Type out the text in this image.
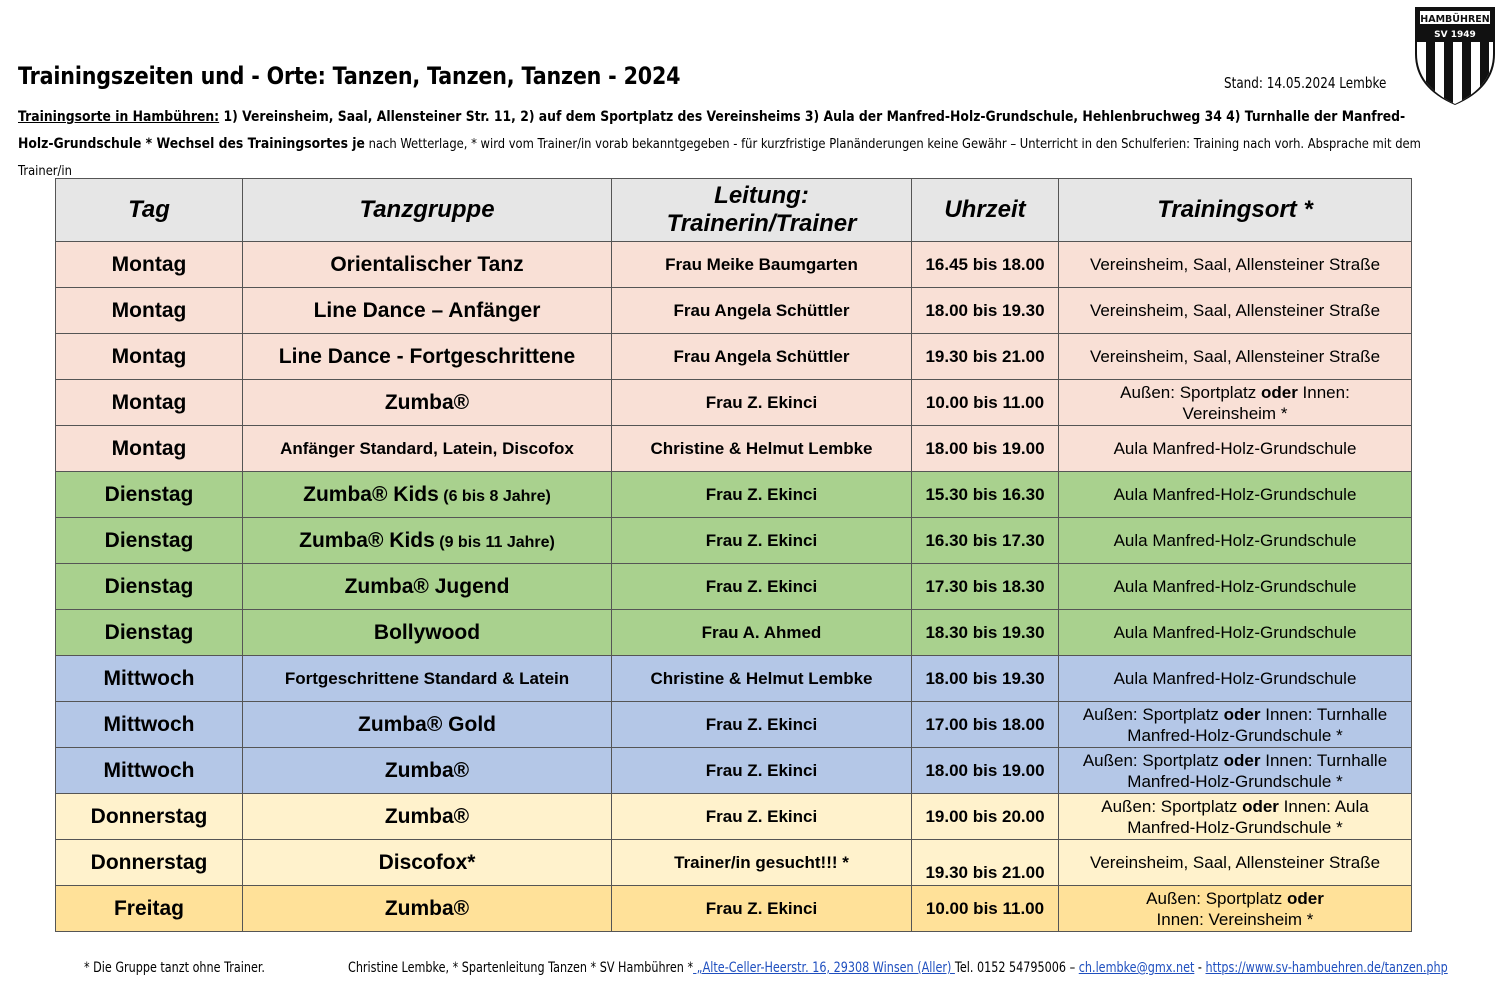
Trainingszeiten und - Orte: Tanzen, Tanzen, Tanzen - 2024	Stand: 14.05.2024 Lembke
HAMBÜHREN
SV 1949
Trainingsorte in Hambühren: 1) Vereinsheim, Saal, Allensteiner Str. 11, 2) auf dem Sportplatz des Vereinsheims 3) Aula der Manfred-Holz-Grundschule, Hehlenbruchweg 34 4) Turnhalle der Manfred-Holz-Grundschule * Wechsel des Trainingsortes je nach Wetterlage, * wird vom Trainer/in vorab bekanntgegeben - für kurzfristige Planänderungen keine Gewähr – Unterricht in den Schulferien: Training nach vorh. Absprache mit dem Trainer/in
Tag	Tanzgruppe	Leitung:
Trainerin/Trainer	Uhrzeit	Trainingsort *
Montag	Orientalischer Tanz	Frau Meike Baumgarten	16.45 bis 18.00	Vereinsheim, Saal, Allensteiner Straße
Montag	Line Dance – Anfänger	Frau Angela Schüttler	18.00 bis 19.30	Vereinsheim, Saal, Allensteiner Straße
Montag	Line Dance - Fortgeschrittene	Frau Angela Schüttler	19.30 bis 21.00	Vereinsheim, Saal, Allensteiner Straße
Montag	Zumba®	Frau Z. Ekinci	10.00 bis 11.00	Außen: Sportplatz oder Innen:
Vereinsheim *
Montag	Anfänger Standard, Latein, Discofox	Christine & Helmut Lembke	18.00 bis 19.00	Aula Manfred-Holz-Grundschule
Dienstag	Zumba® Kids (6 bis 8 Jahre)	Frau Z. Ekinci	15.30 bis 16.30	Aula Manfred-Holz-Grundschule
Dienstag	Zumba® Kids (9 bis 11 Jahre)	Frau Z. Ekinci	16.30 bis 17.30	Aula Manfred-Holz-Grundschule
Dienstag	Zumba® Jugend	Frau Z. Ekinci	17.30 bis 18.30	Aula Manfred-Holz-Grundschule
Dienstag	Bollywood	Frau A. Ahmed	18.30 bis 19.30	Aula Manfred-Holz-Grundschule
Mittwoch	Fortgeschrittene Standard & Latein	Christine & Helmut Lembke	18.00 bis 19.30	Aula Manfred-Holz-Grundschule
Mittwoch	Zumba® Gold	Frau Z. Ekinci	17.00 bis 18.00	Außen: Sportplatz oder Innen: Turnhalle
Manfred-Holz-Grundschule *
Mittwoch	Zumba®	Frau Z. Ekinci	18.00 bis 19.00	Außen: Sportplatz oder Innen: Turnhalle
Manfred-Holz-Grundschule *
Donnerstag	Zumba®	Frau Z. Ekinci	19.00 bis 20.00	Außen: Sportplatz oder Innen: Aula
Manfred-Holz-Grundschule *
Donnerstag	Discofox*	Trainer/in gesucht!!! *	19.30 bis 21.00	Vereinsheim, Saal, Allensteiner Straße
Freitag	Zumba®	Frau Z. Ekinci	10.00 bis 11.00	Außen: Sportplatz oder
Innen: Vereinsheim *
* Die Gruppe tanzt ohne Trainer.	Christine Lembke, * Spartenleitung Tanzen * SV Hambühren * „Alte-Celler-Heerstr. 16, 29308 Winsen (Aller) Tel. 0152 54795006 – ch.lembke@gmx.net - https://www.sv-hambuehren.de/tanzen.php
